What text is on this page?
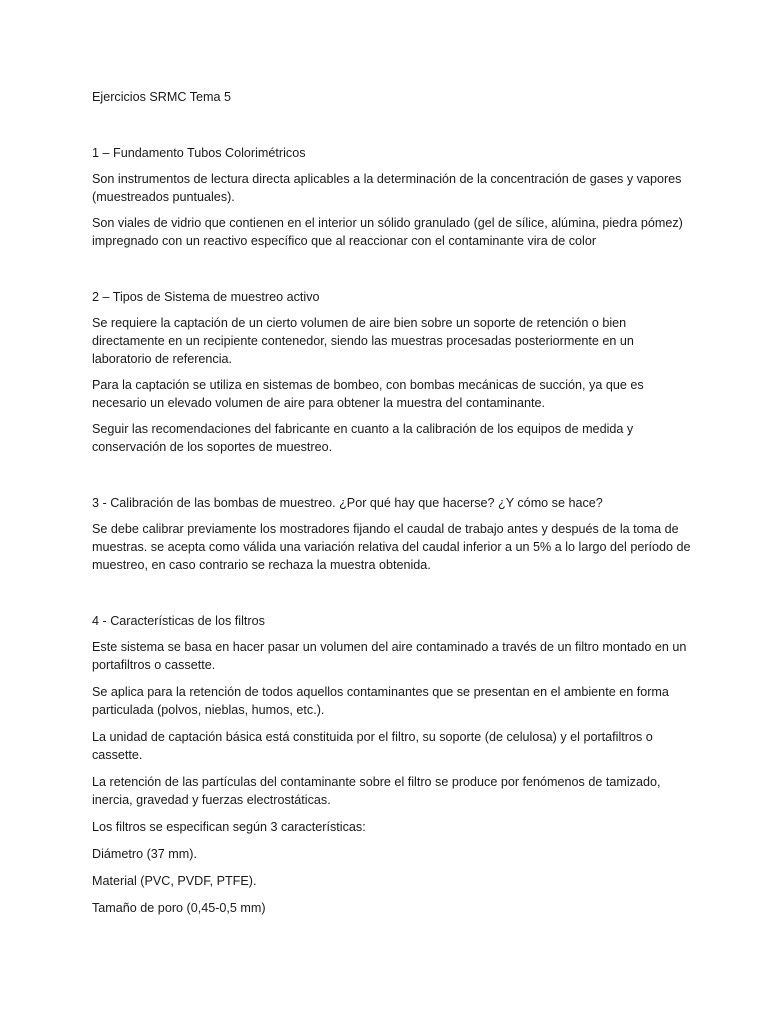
Ejercicios SRMC Tema 5
1 – Fundamento Tubos Colorimétricos

Son instrumentos de lectura directa aplicables a la determinación de la concentración de gases y vapores (muestreados puntuales).

Son viales de vidrio que contienen en el interior un sólido granulado (gel de sílice, alúmina, piedra pómez) impregnado con un reactivo específico que al reaccionar con el contaminante vira de color

2 – Tipos de Sistema de muestreo activo

Se requiere la captación de un cierto volumen de aire bien sobre un soporte de retención o bien directamente en un recipiente contenedor, siendo las muestras procesadas posteriormente en un laboratorio de referencia.

Para la captación se utiliza en sistemas de bombeo, con bombas mecánicas de succión, ya que es necesario un elevado volumen de aire para obtener la muestra del contaminante.

Seguir las recomendaciones del fabricante en cuanto a la calibración de los equipos de medida y conservación de los soportes de muestreo.

3 - Calibración de las bombas de muestreo. ¿Por qué hay que hacerse? ¿Y cómo se hace?

Se debe calibrar previamente los mostradores fijando el caudal de trabajo antes y después de la toma de muestras. se acepta como válida una variación relativa del caudal inferior a un 5% a lo largo del período de muestreo, en caso contrario se rechaza la muestra obtenida.

4 - Características de los filtros

Este sistema se basa en hacer pasar un volumen del aire contaminado a través de un filtro montado en un portafiltros o cassette.

Se aplica para la retención de todos aquellos contaminantes que se presentan en el ambiente en forma particulada (polvos, nieblas, humos, etc.).

La unidad de captación básica está constituida por el filtro, su soporte (de celulosa) y el portafiltros o cassette.

La retención de las partículas del contaminante sobre el filtro se produce por fenómenos de tamizado, inercia, gravedad y fuerzas electrostáticas.

Los filtros se especifican según 3 características:

Diámetro (37 mm).

Material (PVC, PVDF, PTFE).

Tamaño de poro (0,45-0,5 mm)
